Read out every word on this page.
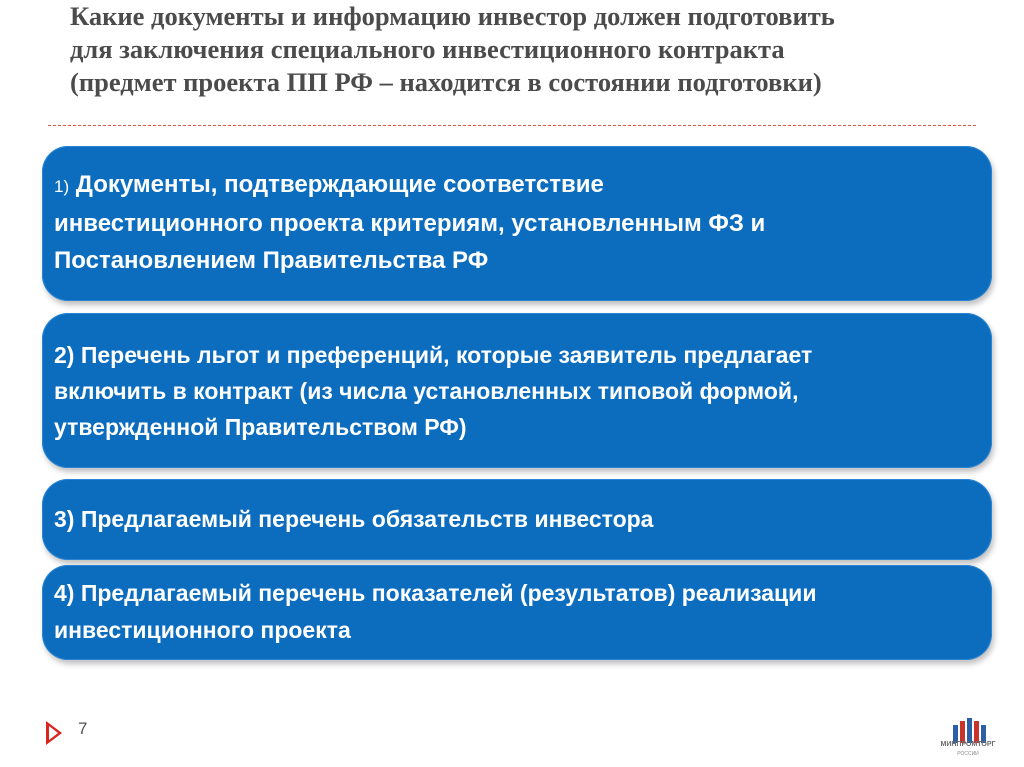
Какие документы и информацию инвестор должен подготовить
для заключения специального инвестиционного контракта
(предмет проекта ПП РФ – находится в состоянии подготовки)
1) Документы, подтверждающие соответствие
инвестиционного проекта критериям, установленным ФЗ и
Постановлением Правительства РФ
2) Перечень льгот и преференций, которые заявитель предлагает
включить в контракт (из числа установленных типовой формой,
утвержденной Правительством РФ)
3) Предлагаемый перечень обязательств инвестора
4) Предлагаемый перечень показателей (результатов) реализации
инвестиционного проекта
7
МИНПРОМТОРГ
РОССИИ
